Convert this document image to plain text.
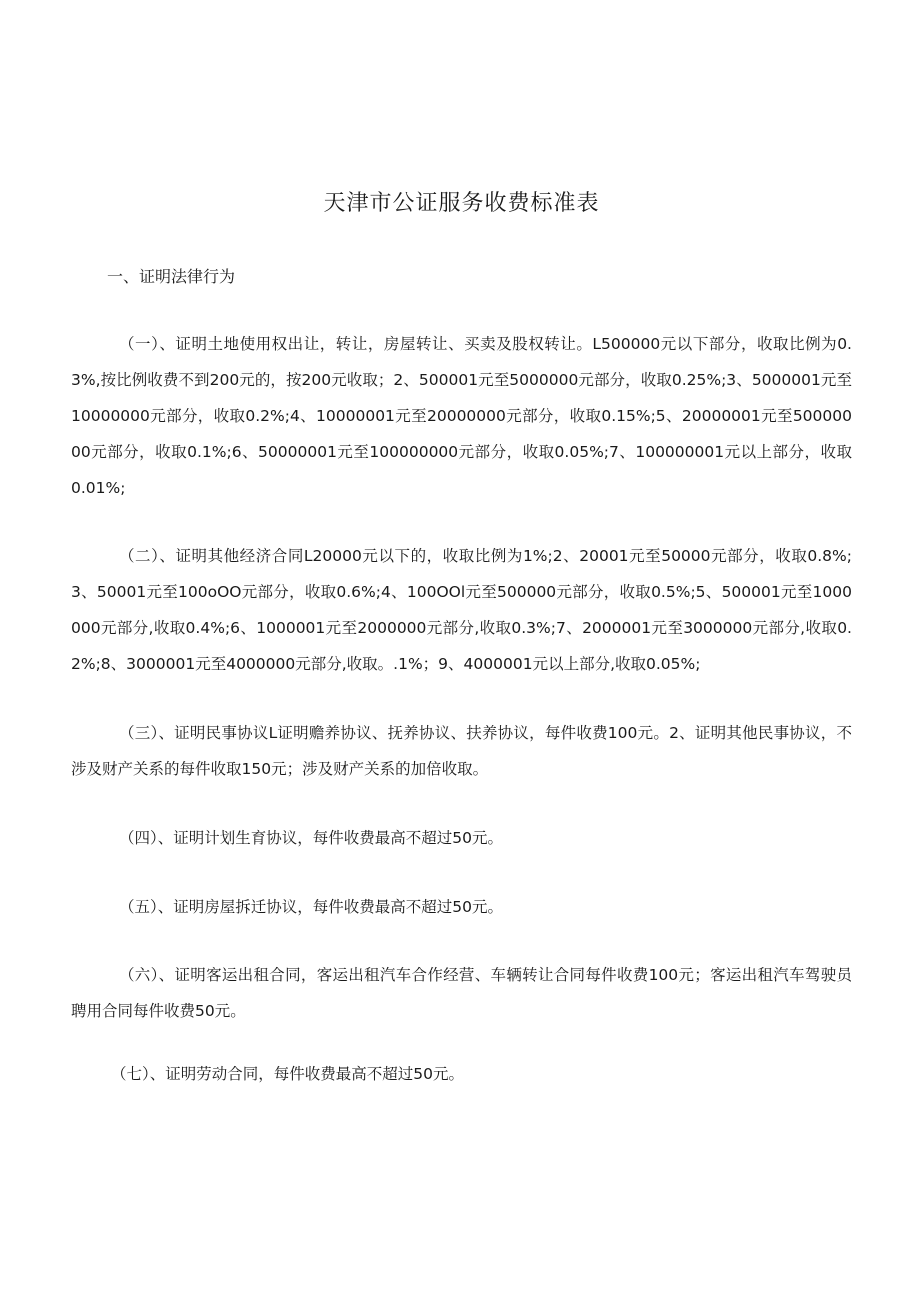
天津市公证服务收费标准表
一、证明法律行为

（一）、证明土地使用权出让，转让，房屋转让、买卖及股权转让。L500000元以下部分，收取比例为0.3%,按比例收费不到200元的，按200元收取；2、500001元至5000000元部分，收取0.25%;3、5000001元至10000000元部分，收取0.2%;4、10000001元至20000000元部分，收取0.15%;5、20000001元至50000000元部分，收取0.1%;6、50000001元至100000000元部分，收取0.05%;7、100000001元以上部分，收取0.01%;

（二）、证明其他经济合同L20000元以下的，收取比例为1%;2、20001元至50000元部分，收取0.8%;3、50001元至100oOO元部分，收取0.6%;4、100OOl元至500000元部分，收取0.5%;5、500001元至1000000元部分,收取0.4%;6、1000001元至2000000元部分,收取0.3%;7、2000001元至3000000元部分,收取0.2%;8、3000001元至4000000元部分,收取。.1%；9、4000001元以上部分,收取0.05%;

（三）、证明民事协议L证明赡养协议、抚养协议、扶养协议，每件收费100元。2、证明其他民事协议，不涉及财产关系的每件收取150元；涉及财产关系的加倍收取。

（四）、证明计划生育协议，每件收费最高不超过50元。

（五）、证明房屋拆迁协议，每件收费最高不超过50元。

（六）、证明客运出租合同，客运出租汽车合作经营、车辆转让合同每件收费100元；客运出租汽车驾驶员聘用合同每件收费50元。

（七）、证明劳动合同，每件收费最高不超过50元。
